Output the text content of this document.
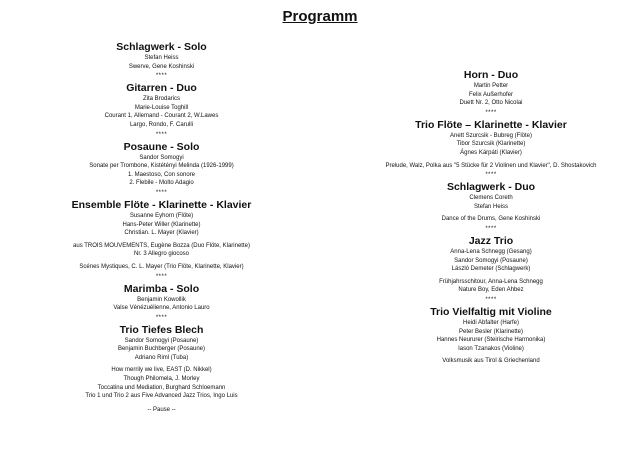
Programm
Schlagwerk - Solo
Stefan Heiss
Swerve, Gene Koshinski
****
Gitarren - Duo
Zita Brodarics
Marie-Louise Toghill
Courant 1, Allemand - Courant 2, W.Lawes
Largo, Rondo, F. Carulli
****
Posaune - Solo
Sandor Somogyi
Sonate per Trombone, Kistétényi Melinda (1926-1999)
1. Maestoso, Con sonore
2. Flebile - Molto Adagio
****
Ensemble Flöte - Klarinette - Klavier
Susanne Eyhorn (Flöte)
Hans-Peter Willer (Klarinette)
Christian. L. Mayer (Klavier)
aus TROIS MOUVEMENTS, Eugène Bozza (Duo Flöte, Klarinette)
Nr. 3 Allegro giocoso
Scénes Mystiques, C. L. Mayer (Trio Flöte, Klarinette, Klavier)
****
Marimba - Solo
Benjamin Kowollik
Valse Vénézuélienne, Antonio Lauro
****
Trio Tiefes Blech
Sandor Somogyi (Posaune)
Benjamin Buchberger (Posaune)
Adriano Riml (Tuba)
How merrily we live, EAST (D. Nikkel)
Though Philomela, J. Morley
Toccatina und Mediation, Burghard Schloemann
Trio 1 und Trio 2 aus Five Advanced Jazz Trios, Ingo Luis
-- Pause --
Horn - Duo
Martin Petter
Felix Außerhofer
Duett Nr. 2, Otto Nicolai
****
Trio Flöte – Klarinette - Klavier
Anett Szurcsik - Bubreg (Flöte)
Tibor Szurcsik (Klarinette)
Ágnes Kárpáti (Klavier)
Prelude, Walz, Polka aus "5 Stücke für 2 Violinen und Klavier", D. Shostakovich
****
Schlagwerk - Duo
Clemens Coreth
Stefan Heiss
Dance of the Drums, Gene Koshinski
****
Jazz Trio
Anna-Lena Schnegg (Gesang)
Sandor Somogyi (Posaune)
László Demeter (Schlagwerk)
Frühjahrsschitour, Anna-Lena Schnegg
Nature Boy, Eden Ahbez
****
Trio Vielfaltig mit Violine
Heidi Abfalter (Harfe)
Peter Besler (Klarinette)
Hannes Neururer (Steirische Harmonika)
Iason Tzanakos (Violine)
Volksmusik aus Tirol & Griechenland
